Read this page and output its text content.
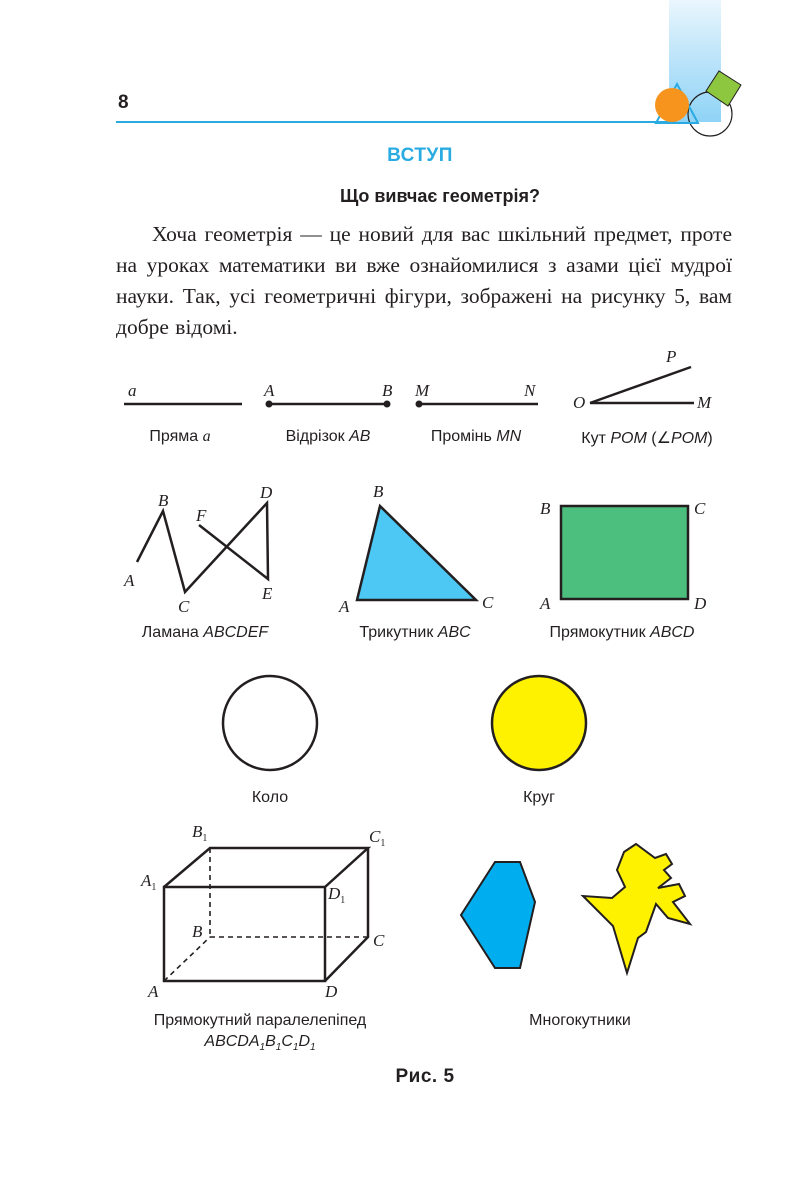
8
ВСТУП
Що вивчає геометрія?
Хоча геометрія — це новий для вас шкільний предмет, проте на уроках математики ви вже ознайомилися з азами цієї мудрої науки. Так, усі геометричні фігури, зображені на рисунку 5, вам добре відомі.
a	A	B M	N
O	M
P
Пряма a	Відрізок AB	Промінь MN	Кут POM (∠POM)
A
B
C
F
D
E
A
B
C	A
B	C
D
Ламана ABCDEF	Трикутник ABC	Прямокутник ABCD
Коло	Круг
A
B	C
D
$A_1$
$B_1$	$C_1$
$D_1$
Прямокутний паралелепіпед
$ABCDA_1B_1C_1D_1$
Многокутники
Рис. 5
